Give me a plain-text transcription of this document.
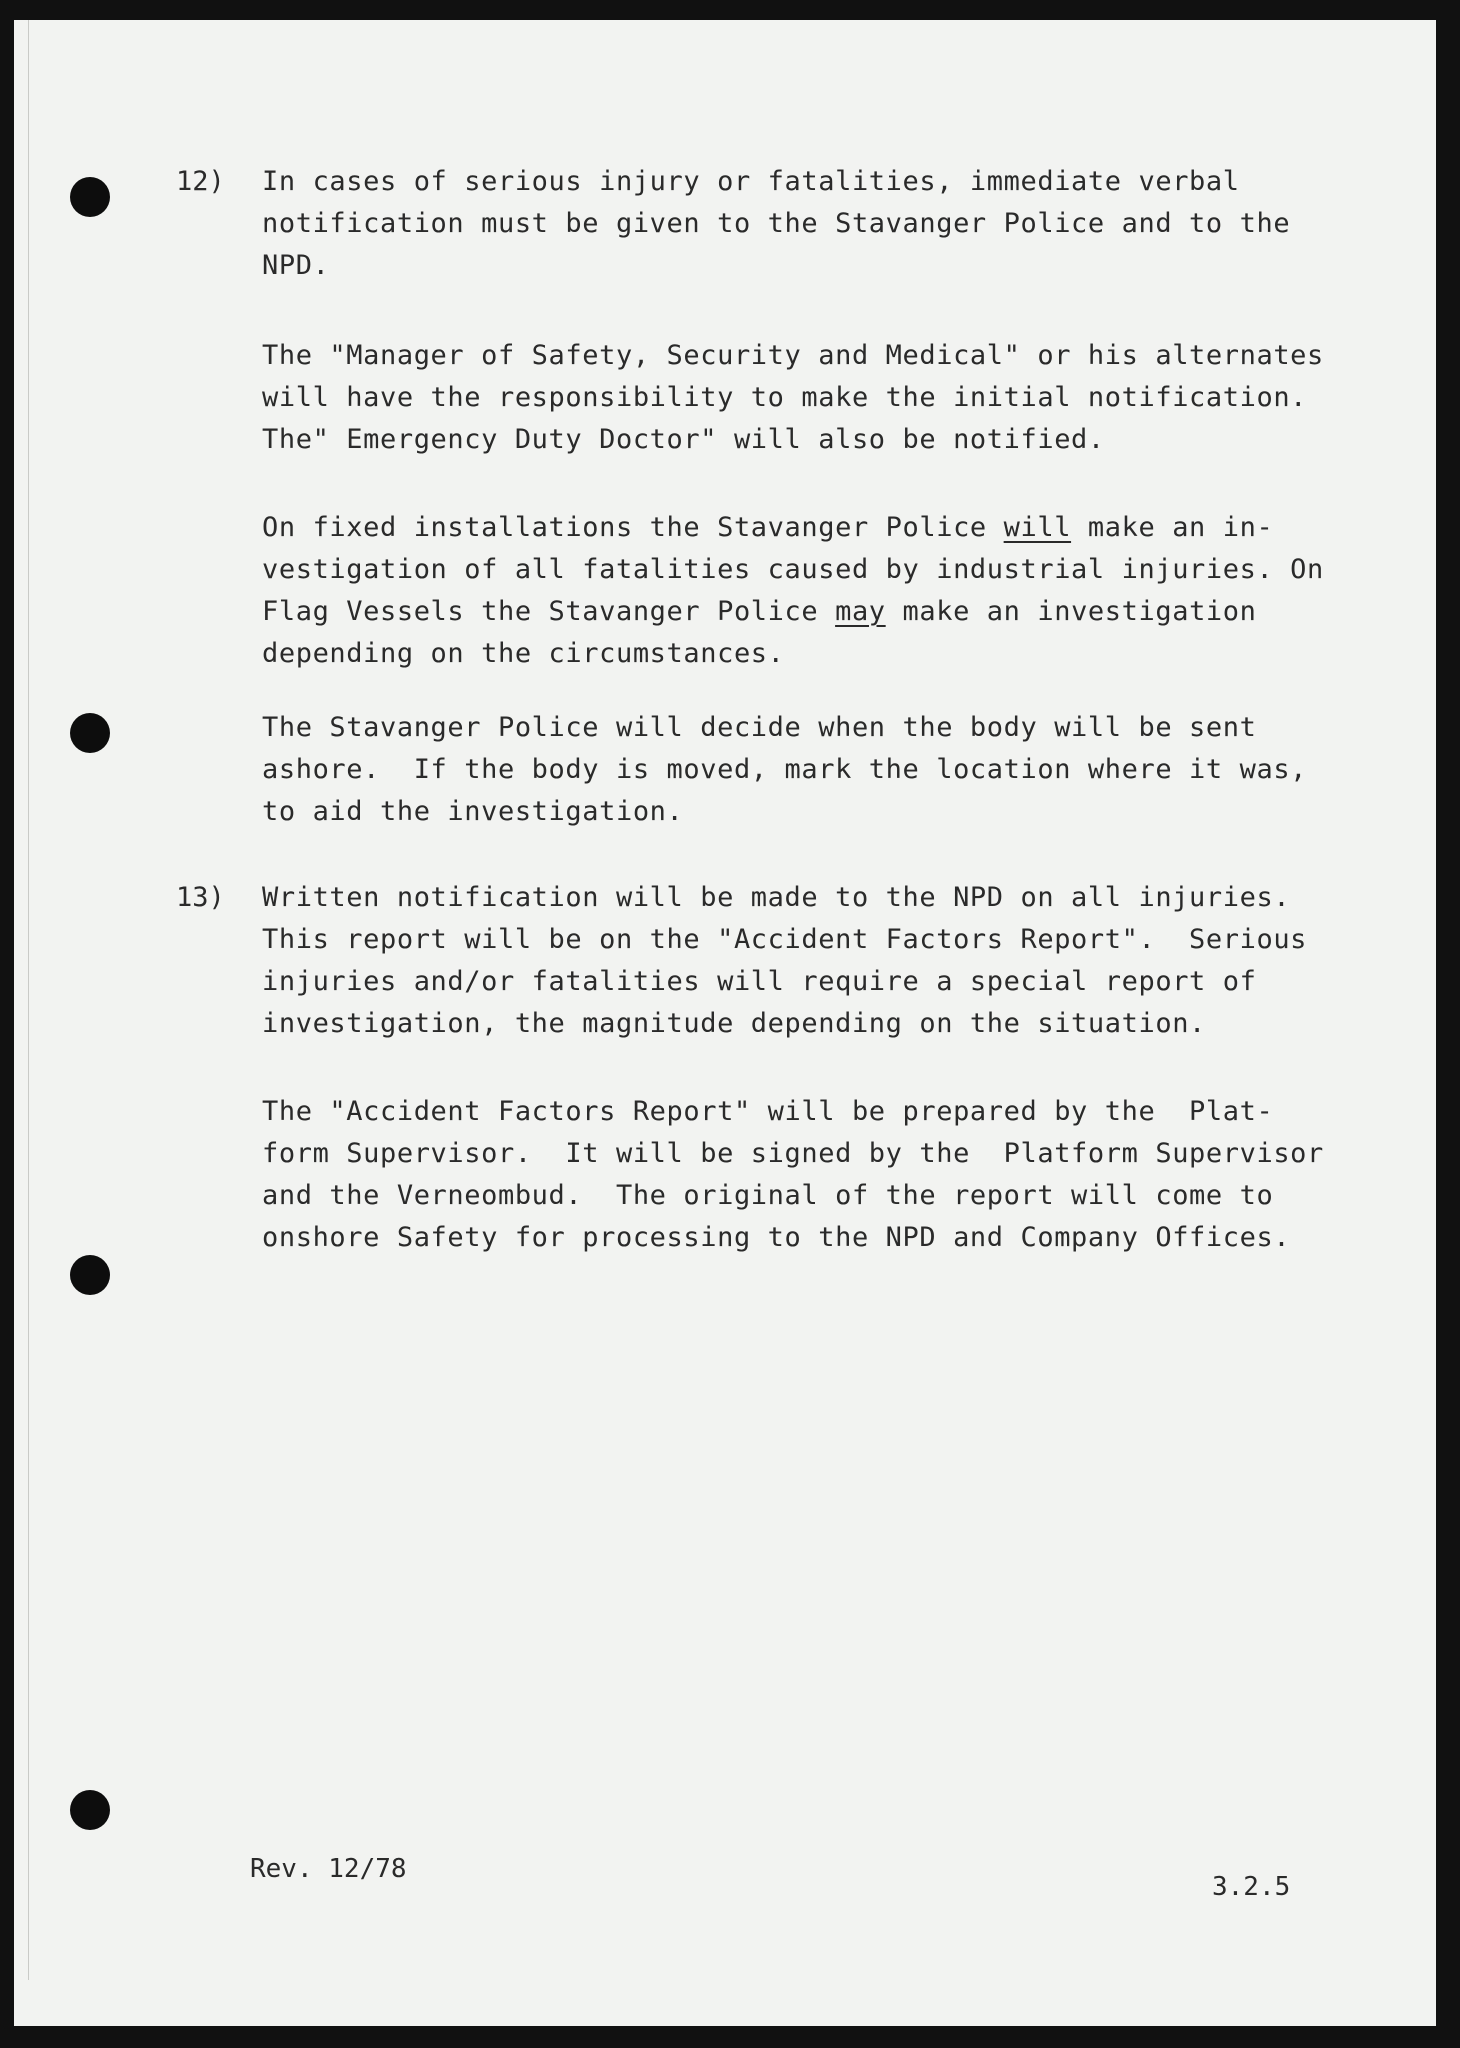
12) In cases of serious injury or fatalities, immediate verbal

notification must be given to the Stavanger Police and to the

NPD.

The "Manager of Safety, Security and Medical" or his alternates

will have the responsibility to make the initial notification.

The" Emergency Duty Doctor" will also be notified.

On fixed installations the Stavanger Police will make an in-

vestigation of all fatalities caused by industrial injuries. On

Flag Vessels the Stavanger Police may make an investigation

depending on the circumstances.

The Stavanger Police will decide when the body will be sent

ashore.  If the body is moved, mark the location where it was,

to aid the investigation.

13) Written notification will be made to the NPD on all injuries.

This report will be on the "Accident Factors Report".  Serious

injuries and/or fatalities will require a special report of

investigation, the magnitude depending on the situation.

The "Accident Factors Report" will be prepared by the  Plat-

form Supervisor.  It will be signed by the  Platform Supervisor

and the Verneombud.  The original of the report will come to

onshore Safety for processing to the NPD and Company Offices.

Rev. 12/78

3.2.5
